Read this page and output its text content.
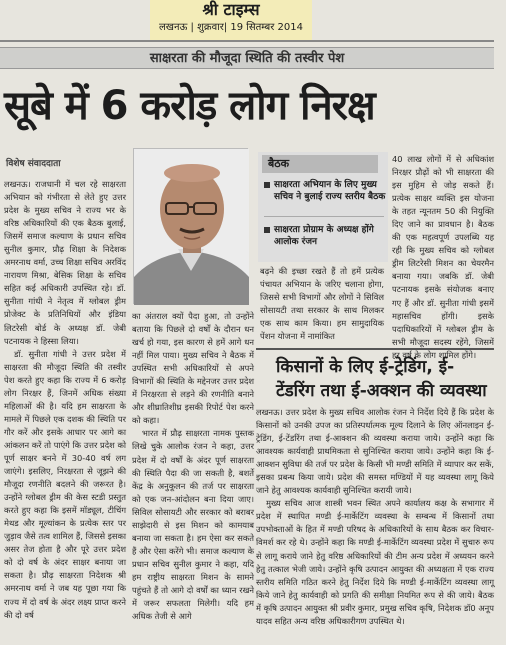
श्री टाइम्स
लखनऊ | शुक्रवार| 19 सितम्बर 2014
साक्षरता की मौजूदा स्थिति की तस्वीर पेश
सूबे में 6 करोड़ लोग निरक्ष
विशेष संवाददाता	बैठक
साक्षरता अभियान के लिए मुख्य सचिव ने बुलाई राज्य स्तरीय बैठक
साक्षरता प्रोग्राम के अध्यक्ष होंगे आलोक रंजन

लखनऊ। राजधानी में चल रहे साक्षरता अभियान को गंभीरता से लेते हुए उत्तर प्रदेश के मुख्य सचिव ने राज्य भर के वरिष्ठ अधिकारियों की एक बैठक बुलाई, जिसमें समाज कल्याण के प्रधान सचिव सुनील कुमार, प्रौढ़ शिक्षा के निदेशक अमरनाथ वर्मा, उच्च शिक्षा सचिव अरविंद नारायण मिश्रा, बेसिक शिक्षा के सचिव सहित कई अधिकारी उपस्थित रहे। डॉ. सुनीता गांधी ने नेतृत्व में ग्लोबल ड्रीम प्रोजेक्ट के प्रतिनिधियों और इंडिया लिटरेसी बोर्ड के अध्यक्ष डॉ. जेबी पटनायक ने हिस्सा लिया।

डॉ. सुनीता गांधी ने उत्तर प्रदेश में साक्षरता की मौजूदा स्थिति की तस्वीर पेश करते हुए कहा कि राज्य में 6 करोड़ लोग निरक्षर हैं, जिनमें अधिक संख्या महिलाओं की है। यदि हम साक्षरता के मामले में पिछले एक दशक की स्थिति पर गौर करें और इसके आधार पर आगे का आंकलन करें तो पाएंगे कि उत्तर प्रदेश को पूर्ण साक्षर बनने में 30-40 वर्ष लग जाएंगे। इसलिए, निरक्षरता से जूझने की मौजूदा रणनीति बदलने की जरूरत है। उन्होंने ग्लोबल ड्रीम की केस स्टडी प्रस्तुत करते हुए कहा कि इसमें मॉड्यूल, टीचिंग मेथड और मूल्यांकन के प्रत्येक स्तर पर जुड़ाव जैसे तत्व शामिल हैं, जिससे इसका असर तेज होता है और पूरे उत्तर प्रदेश को दो वर्ष के अंदर साक्षर बनाया जा सकता है। प्रौढ़ साक्षरता निदेशक श्री अमरनाथ वर्मा ने जब यह पूछा गया कि राज्य में दो वर्ष के अंदर लक्ष्य प्राप्त करने की दो वर्ष

का अंतराल क्यों पैदा हुआ, तो उन्होंने बताया कि पिछले दो वर्षों के दौरान धन खर्च हो गया, इस कारण से हमें आगे धन नहीं मिल पाया। मुख्य सचिव ने बैठक में उपस्थित सभी अधिकारियों से अपने विभागों की स्थिति के मद्देनजर उत्तर प्रदेश में निरक्षरता से लड़ने की रणनीति बनाने और शीघ्रातिशीघ्र इसकी रिपोर्ट पेश करने को कहा।

भारत में प्रौढ़ साक्षरता नामक पुस्तक लिखे चुके आलोक रंजन ने कहा, उत्तर प्रदेश में दो वर्षों के अंदर पूर्ण साक्षरता की स्थिति पैदा की जा सकती है, बशर्ते केंद्र के अनुकूलन की तर्ज पर साक्षरता को एक जन-आंदोलन बना दिया जाए। सिविल सोसायटी और सरकार को बराबर साझेदारी से इस मिशन को कामयाब बनाया जा सकता है। हम ऐसा कर सकते हैं और ऐसा करेंगे भी। समाज कल्याण के प्रधान सचिव सुनील कुमार ने कहा, यदि हम राष्ट्रीय साक्षरता मिशन के सामने पहुंचते हैं तो आगे दो वर्षों का ध्यान रखने में जरूर सफलता मिलेगी। यदि हम अधिक तेजी से आगे

बढ़ने की इच्छा रखते हैं तो हमें प्रत्येक पंचायत अभियान के जरिए चलाना होगा, जिससे सभी विभागों और लोगों ने सिविल सोसायटी तथा सरकार के साथ मिलकर एक साथ काम किया। हम सामुदायिक पेंशन योजना में नामांकित

40 लाख लोगों में से अधिकांश निरक्षर प्रौढ़ों को भी साक्षरता की इस मुहिम से जोड़ सकते हैं। प्रत्येक साक्षर व्यक्ति इस योजना के तहत न्यूनतम 50 की नियुक्ति दिए जाने का प्रावधान है। बैठक की एक महत्वपूर्ण उपलब्धि यह रही कि मुख्य सचिव को ग्लोबल ड्रीम लिटरेसी मिशन का चेयरमैन बनाया गया। जबकि डॉ. जेबी पटनायक इसके संयोजक बनाए गए हैं और डॉ. सुनीता गांधी इसमें महासचिव होंगी। इसके पदाधिकारियों में ग्लोबल ड्रीम के सभी मौजूदा सदस्य रहेंगे, जिसमें हर वर्ष के लोग शामिल होंगे।

किसानों के लिए ई-ट्रेडिंग, ई-
टेंडरिंग तथा ई-अक्शन की व्यवस्था

लखनऊ। उत्तर प्रदेश के मुख्य सचिव आलोक रंजन ने निर्देश दिये हैं कि प्रदेश के किसानों को उनकी उपज का प्रतिस्पर्धात्मक मूल्य दिलाने के लिए ऑनलाइन ई-ट्रेडिंग, ई-टेंडरिंग तथा ई-आक्शन की व्यवस्था कराया जाये। उन्होंने कहा कि आवश्यक कार्यवाही प्राथमिकता से सुनिश्चित कराया जाये। उन्होंने कहा कि ई-आक्शन सुविधा की तर्ज पर प्रदेश के किसी भी मण्डी समिति में व्यापार कर सकें, इसका प्रबन्ध किया जाये। प्रदेश की समस्त मण्डियों में यह व्यवस्था लागू किये जाने हेतु आवश्यक कार्यवाही सुनिश्चित करायी जाये।

मुख्य सचिव आज शास्त्री भवन स्थित अपने कार्यालय कक्ष के सभागार में प्रदेश में स्थापित मण्डी ई-मार्केटिंग व्यवस्था के सम्बन्ध में किसानों तथा उपभोक्ताओं के हित में मण्डी परिषद के अधिकारियों के साथ बैठक कर विचार-विमर्श कर रहे थे। उन्होंने कहा कि मण्डी ई-मार्केटिंग व्यवस्था प्रदेश में सुचारु रूप से लागू कराये जाने हेतु वरिष्ठ अधिकारियों की टीम अन्य प्रदेश में अध्ययन करने हेतु तत्काल भेजी जाये। उन्होंने कृषि उत्पादन आयुक्त की अध्यक्षता में एक राज्य स्तरीय समिति गठित करने हेतु निर्देश दिये कि मण्डी ई-मार्केटिंग व्यवस्था लागू किये जाने हेतु कार्यवाही को प्रगति की समीक्षा नियमित रूप से की जाये। बैठक में कृषि उत्पादन आयुक्त श्री प्रवीर कुमार, प्रमुख सचिव कृषि, निदेशक डॉ0 अनूप यादव सहित अन्य वरिष्ठ अधिकारीगण उपस्थित थे।
